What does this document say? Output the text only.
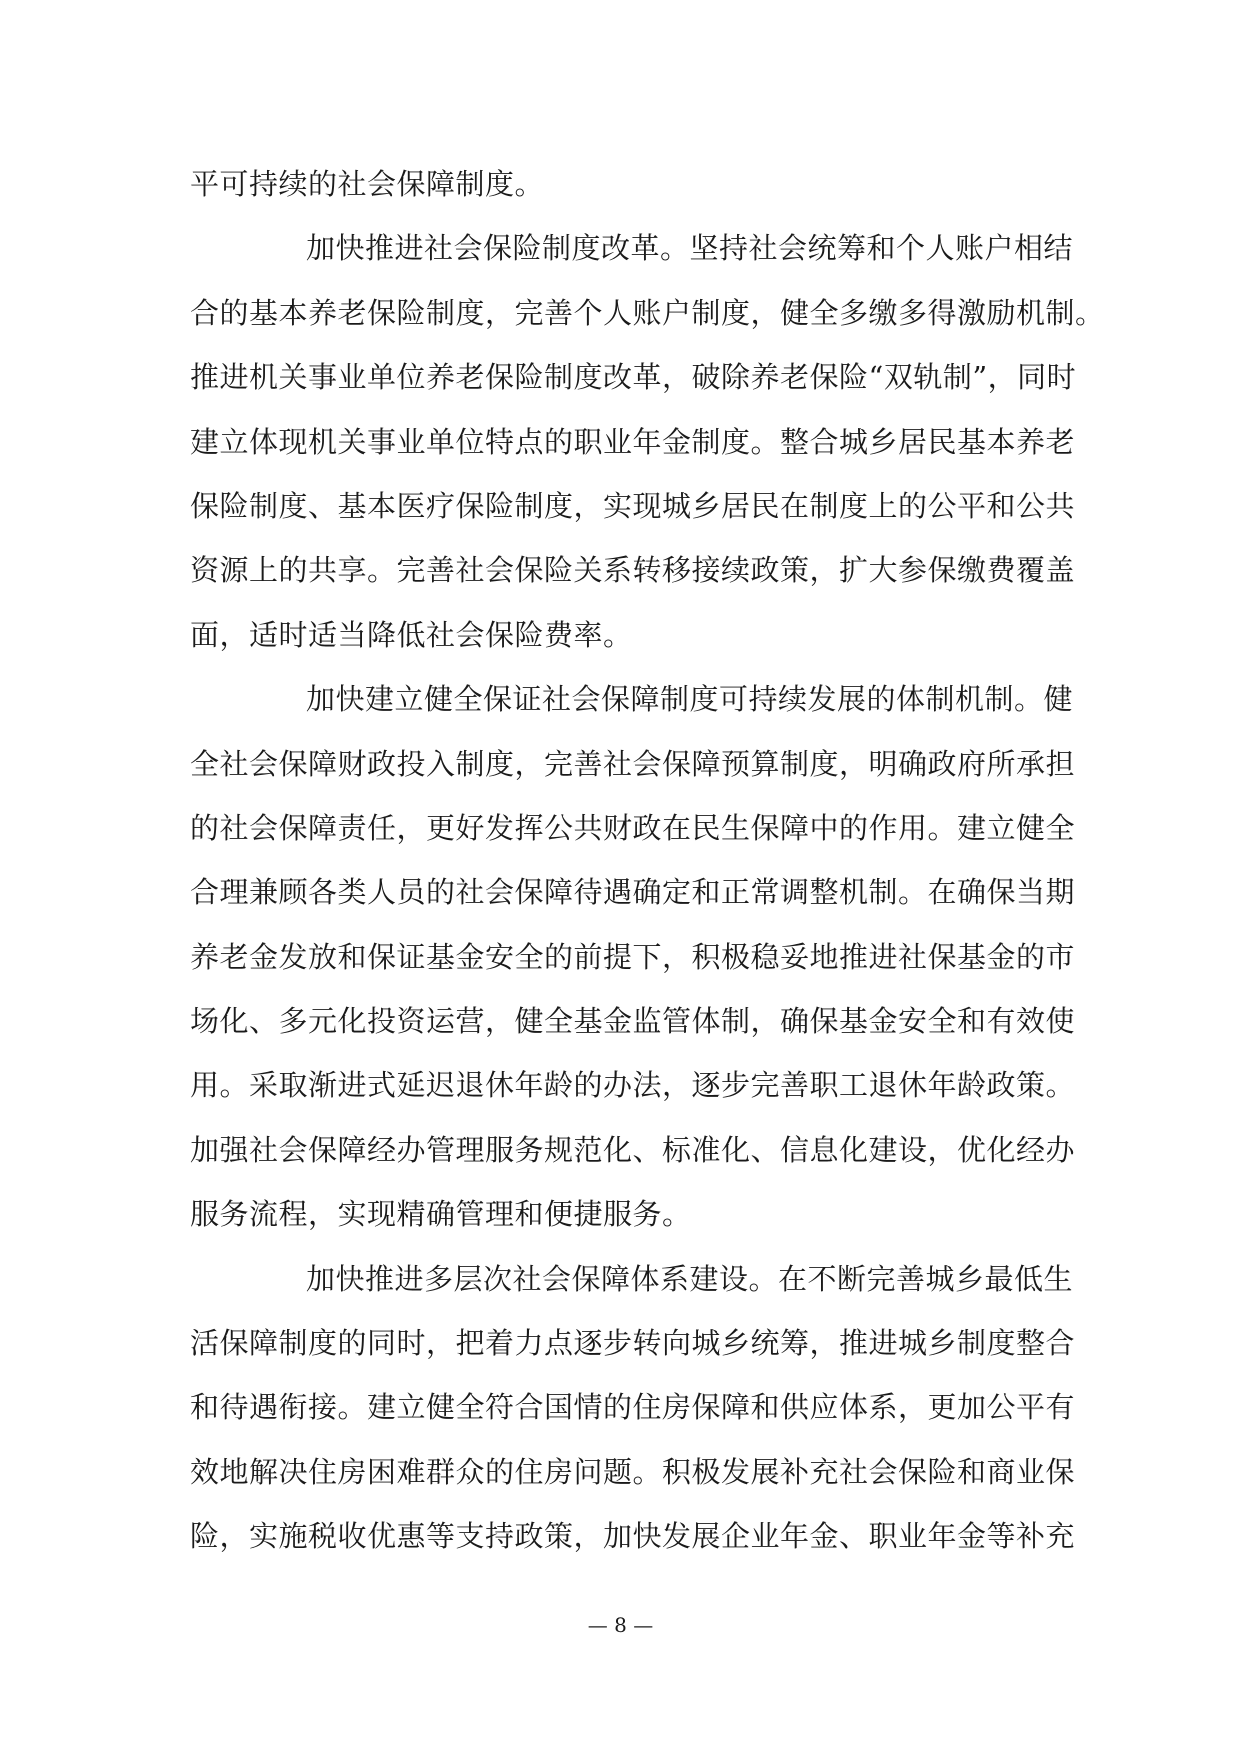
平可持续的社会保障制度。
加快推进社会保险制度改革。坚持社会统筹和个人账户相结
合的基本养老保险制度，完善个人账户制度，健全多缴多得激励机制。
推进机关事业单位养老保险制度改革，破除养老保险“双轨制”，同时
建立体现机关事业单位特点的职业年金制度。整合城乡居民基本养老
保险制度、基本医疗保险制度，实现城乡居民在制度上的公平和公共
资源上的共享。完善社会保险关系转移接续政策，扩大参保缴费覆盖
面，适时适当降低社会保险费率。
加快建立健全保证社会保障制度可持续发展的体制机制。健
全社会保障财政投入制度，完善社会保障预算制度，明确政府所承担
的社会保障责任，更好发挥公共财政在民生保障中的作用。建立健全
合理兼顾各类人员的社会保障待遇确定和正常调整机制。在确保当期
养老金发放和保证基金安全的前提下，积极稳妥地推进社保基金的市
场化、多元化投资运营，健全基金监管体制，确保基金安全和有效使
用。采取渐进式延迟退休年龄的办法，逐步完善职工退休年龄政策。
加强社会保障经办管理服务规范化、标准化、信息化建设，优化经办
服务流程，实现精确管理和便捷服务。
加快推进多层次社会保障体系建设。在不断完善城乡最低生
活保障制度的同时，把着力点逐步转向城乡统筹，推进城乡制度整合
和待遇衔接。建立健全符合国情的住房保障和供应体系，更加公平有
效地解决住房困难群众的住房问题。积极发展补充社会保险和商业保
险，实施税收优惠等支持政策，加快发展企业年金、职业年金等补充
— 8 —
